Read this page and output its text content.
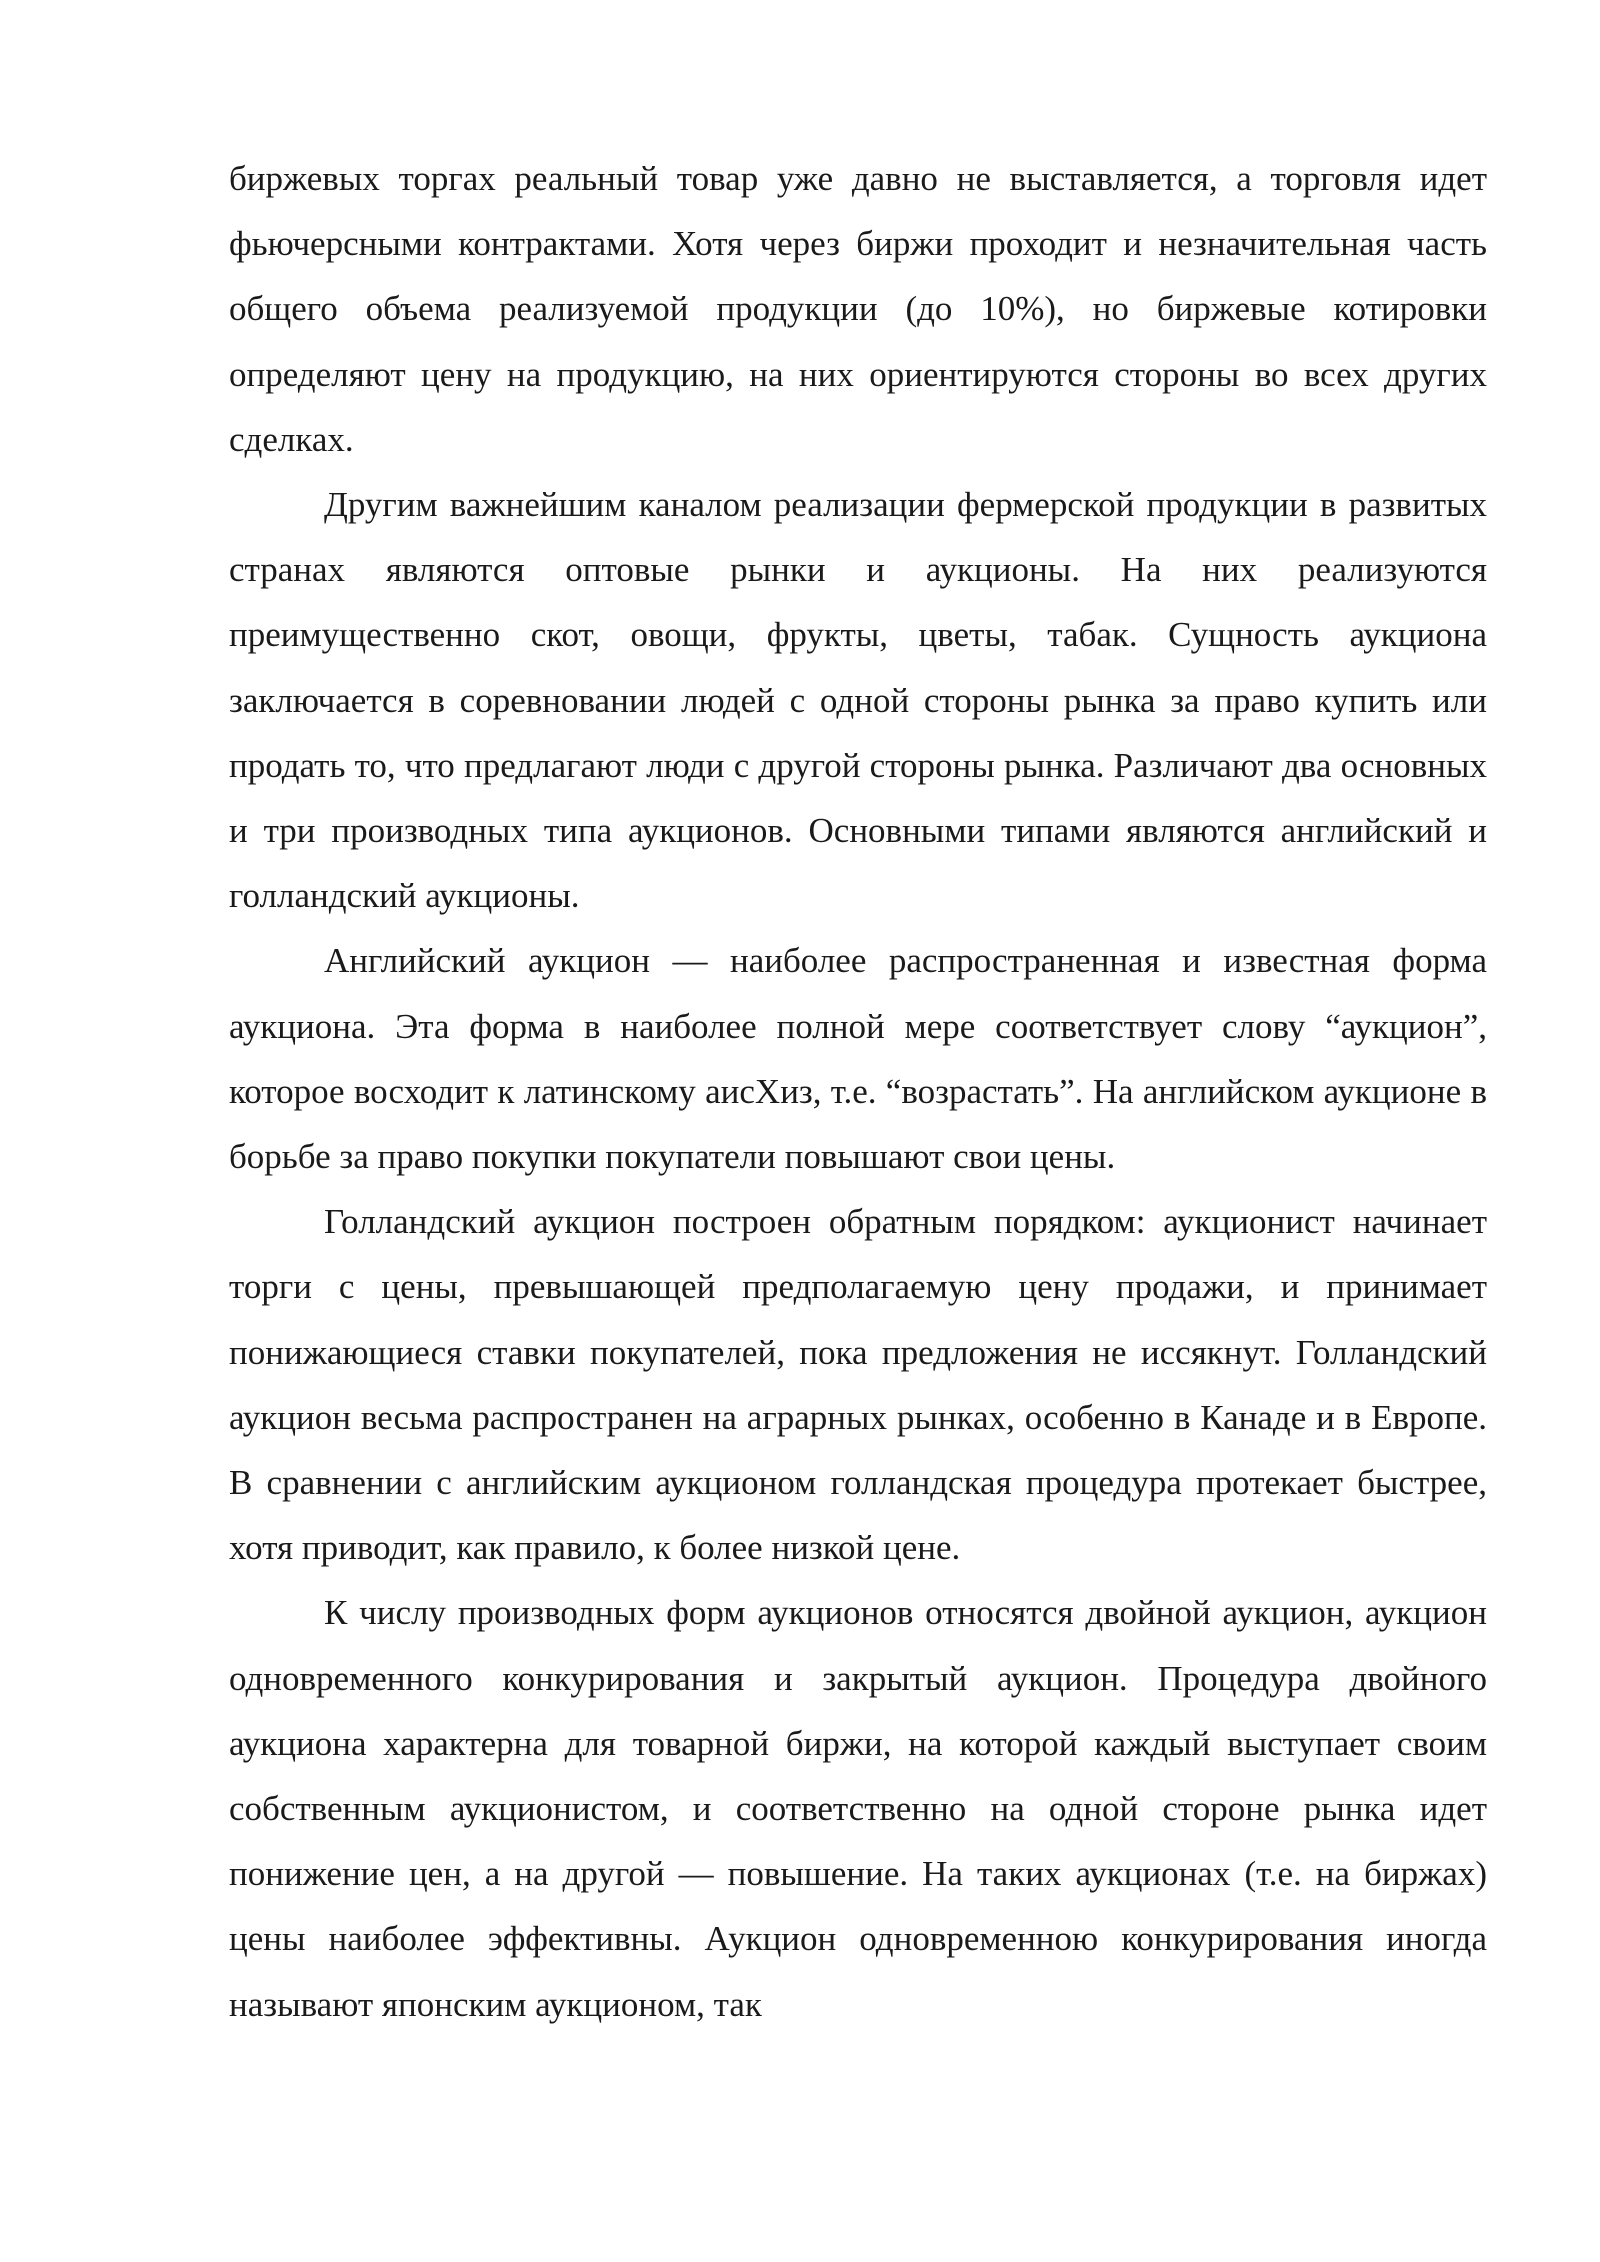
биржевых торгах реальный товар уже давно не выставляется, а торговля идет фьючерсными контрактами. Хотя через биржи проходит и незначительная часть общего объема реализуемой продукции (до 10%), но биржевые котировки определяют цену на продукцию, на них ориентируются стороны во всех других сделках.

Другим важнейшим каналом реализации фермерской продукции в развитых странах являются оптовые рынки и аукционы. На них реализуются преимущественно скот, овощи, фрукты, цветы, табак. Сущность аукциона заключается в соревновании людей с одной стороны рынка за право купить или продать то, что предлагают люди с другой стороны рынка. Различают два основных и три производных типа аукционов. Основными типами являются английский и голландский аукционы.

Английский аукцион — наиболее распространенная и известная форма аукциона. Эта форма в наиболее полной мере соответствует слову “аукцион”, которое восходит к латинскому аисХиз, т.е. “возрастать”. На английском аукционе в борьбе за право покупки покупатели повышают свои цены.

Голландский аукцион построен обратным порядком: аукционист начинает торги с цены, превышающей предполагаемую цену продажи, и принимает понижающиеся ставки покупателей, пока предложения не иссякнут. Голландский аукцион весьма распространен на аграрных рынках, особенно в Канаде и в Европе. В сравнении с английским аукционом голландская процедура протекает быстрее, хотя приводит, как правило, к более низкой цене.

К числу производных форм аукционов относятся двойной аукцион, аукцион одновременного конкурирования и закрытый аукцион. Процедура двойного аукциона характерна для товарной биржи, на которой каждый выступает своим собственным аукционистом, и соответственно на одной стороне рынка идет понижение цен, а на другой — повышение. На таких аукционах (т.е. на биржах) цены наиболее эффективны. Аукцион одновременною конкурирования иногда называют японским аукционом, так
